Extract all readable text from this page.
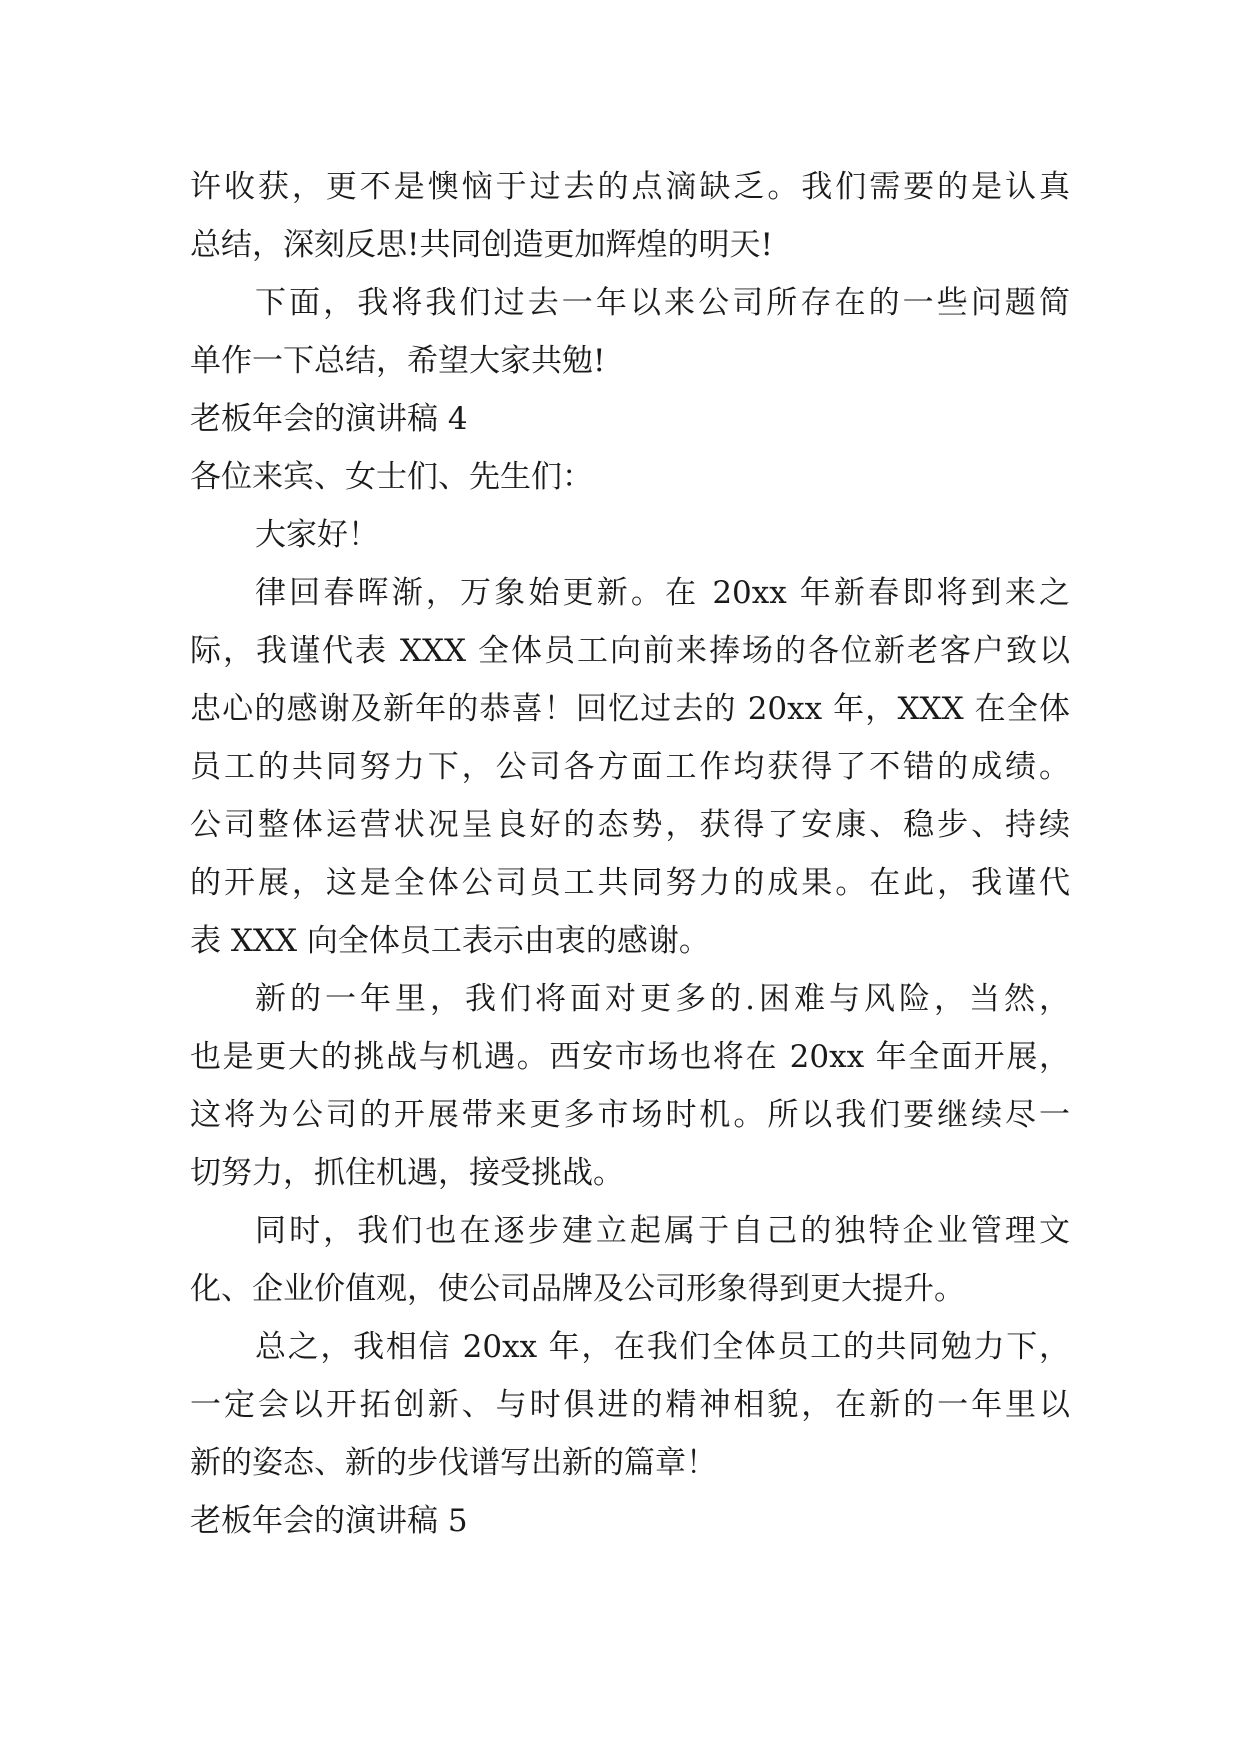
许收获，更不是懊恼于过去的点滴缺乏。我们需要的是认真
总结，深刻反思!共同创造更加辉煌的明天!
下面，我将我们过去一年以来公司所存在的一些问题简
单作一下总结，希望大家共勉!
老板年会的演讲稿 4
各位来宾、女士们、先生们：
大家好！
律回春晖渐，万象始更新。在 20xx 年新春即将到来之
际，我谨代表 XXX 全体员工向前来捧场的各位新老客户致以
忠心的感谢及新年的恭喜！回忆过去的 20xx 年，XXX 在全体
员工的共同努力下，公司各方面工作均获得了不错的成绩。
公司整体运营状况呈良好的态势，获得了安康、稳步、持续
的开展，这是全体公司员工共同努力的成果。在此，我谨代
表 XXX 向全体员工表示由衷的感谢。
新的一年里，我们将面对更多的.困难与风险，当然，
也是更大的挑战与机遇。西安市场也将在 20xx 年全面开展，
这将为公司的开展带来更多市场时机。所以我们要继续尽一
切努力，抓住机遇，接受挑战。
同时，我们也在逐步建立起属于自己的独特企业管理文
化、企业价值观，使公司品牌及公司形象得到更大提升。
总之，我相信 20xx 年，在我们全体员工的共同勉力下，
一定会以开拓创新、与时俱进的精神相貌，在新的一年里以
新的姿态、新的步伐谱写出新的篇章！
老板年会的演讲稿 5
